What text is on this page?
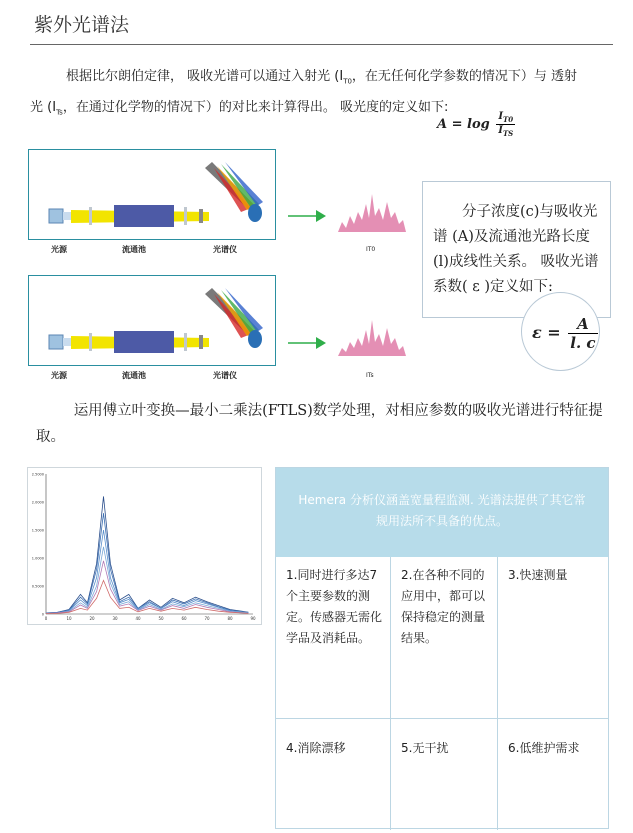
紫外光谱法
根据比尔朗伯定律， 吸收光谱可以通过入射光 ($I_{T0}$，在无任何化学参数的情况下）与 透射
光 ($I_{Ts}$，在通过化学物的情况下）的对比来计算得出。 吸光度的定义如下:
$A = \log \frac{I_{T0}}{I_{TS}}$
光源	流通池	光谱仪	IT0
光源	流通池	光谱仪	ITs

分子浓度(c)与吸收光谱 (A)及流通池光路长度 (l)成线性关系。 吸收光谱系数( ε )定义如下:

$\varepsilon = \frac{A}{l. c}$
运用傅立叶变换—最小二乘法(FTLS)数学处理，对相应参数的吸收光谱进行特征提取。
0
0.5000
1.0000
1.5000
2.0000
2.5000
0	10	20	30	40	50	60	70	80	90
Hemera 分析仪涵盖宽量程监测. 光谱法提供了其它常规用法所不具备的优点。
1.同时进行多达7个主要参数的测定。传感器无需化学品及消耗品。
2.在各种不同的应用中，都可以保持稳定的测量结果。
3.快速测量
4.消除漂移	5.无干扰	6.低维护需求
